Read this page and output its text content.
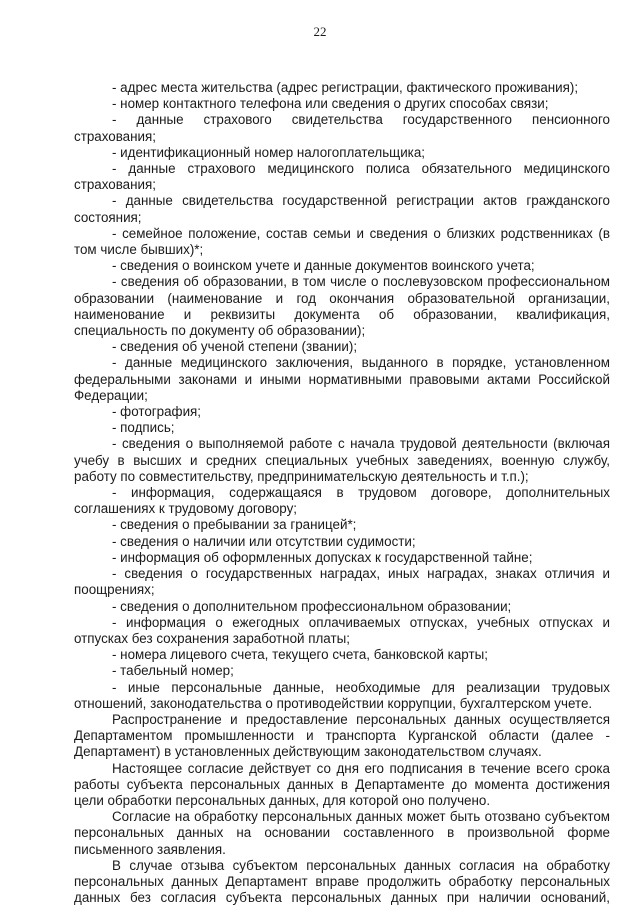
22

- адрес места жительства (адрес регистрации, фактического проживания);

- номер контактного телефона или сведения о других способах связи;

- данные страхового свидетельства государственного пенсионного страхования;

- идентификационный номер налогоплательщика;

- данные страхового медицинского полиса обязательного медицинского страхования;

- данные свидетельства государственной регистрации актов гражданского состояния;

- семейное положение, состав семьи и сведения о близких родственниках (в том числе бывших)*;

- сведения о воинском учете и данные документов воинского учета;

- сведения об образовании, в том числе о послевузовском профессиональном образовании (наименование и год окончания образовательной организации, наименование и реквизиты документа об образовании, квалификация, специальность по документу об образовании);

- сведения об ученой степени (звании);

- данные медицинского заключения, выданного в порядке, установленном федеральными законами и иными нормативными правовыми актами Российской Федерации;

- фотография;

- подпись;

- сведения о выполняемой работе с начала трудовой деятельности (включая учебу в высших и средних специальных учебных заведениях, военную службу, работу по совместительству, предпринимательскую деятельность и т.п.);

- информация, содержащаяся в трудовом договоре, дополнительных соглашениях к трудовому договору;

- сведения о пребывании за границей*;

- сведения о наличии или отсутствии судимости;

- информация об оформленных допусках к государственной тайне;

- сведения о государственных наградах, иных наградах, знаках отличия и поощрениях;

- сведения о дополнительном профессиональном образовании;

- информация о ежегодных оплачиваемых отпусках, учебных отпусках и отпусках без сохранения заработной платы;

- номера лицевого счета, текущего счета, банковской карты;

- табельный номер;

- иные персональные данные, необходимые для реализации трудовых отношений, законодательства о противодействии коррупции, бухгалтерском учете.

Распространение и предоставление персональных данных осуществляется Департаментом промышленности и транспорта Курганской области (далее - Департамент) в установленных действующим законодательством случаях.

Настоящее согласие действует со дня его подписания в течение всего срока работы субъекта персональных данных в Департаменте до момента достижения цели обработки персональных данных, для которой оно получено.

Согласие на обработку персональных данных может быть отозвано субъектом персональных данных на основании составленного в произвольной форме письменного заявления.

В случае отзыва субъектом персональных данных согласия на обработку персональных данных Департамент вправе продолжить обработку персональных данных без согласия субъекта персональных данных при наличии оснований,
